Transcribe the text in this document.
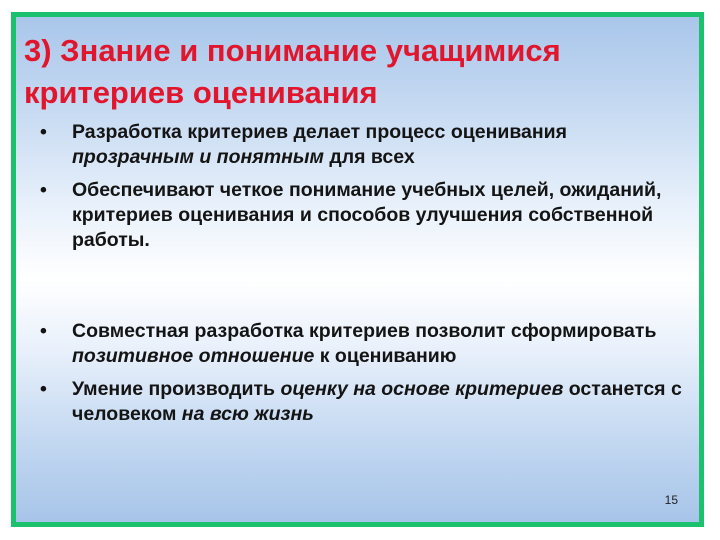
3) Знание и понимание учащимися критериев оценивания
• Разработка критериев делает процесс оценивания прозрачным и понятным для всех
• Обеспечивают четкое понимание учебных целей, ожиданий, критериев оценивания и способов улучшения собственной работы.
• Совместная разработка критериев позволит сформировать позитивное отношение к оцениванию
• Умение производить оценку на основе критериев останется с человеком на всю жизнь
15
